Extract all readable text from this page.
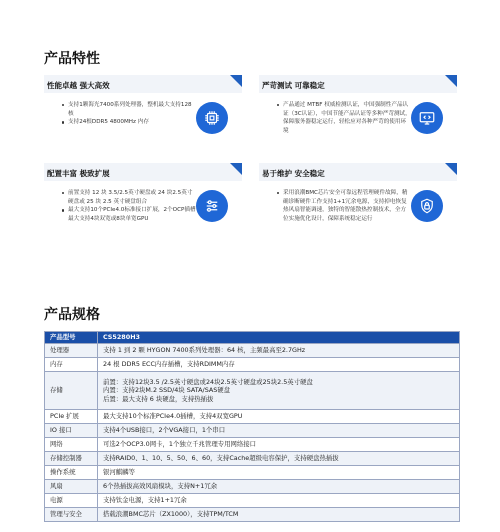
产品特性
性能卓越 强大高效
支持1颗海光7400系列处理器，整机最大支持128核
支持24根DDR5 4800MHz 内存
严苛测试 可靠稳定
产品通过 MTBF 权威检测认证，中国强制性产品认证（3C认证），中国节能产品认证等多种严苛测试，保障服务器稳定运行，轻松应对各种严苛的使用环境
配置丰富 极致扩展
前置支持 12 块 3.5/2.5英寸硬盘或 24 块2.5英寸硬盘或 25 块 2.5 英寸硬盘组合
最大支持10个PCIe4.0标准接口扩展，2个OCP插槽最大支持4块双宽或8块单宽GPU
易于维护 安全稳定
采用浪潮BMC芯片安全可靠远程管理硬件故障，精确诊断硬件工作支持1+1冗余电源，支持掉电恢复热风扇智能调速，独特的智能散热控制技术，全方位实施优化设计，保障系统稳定运行
产品规格
产品型号	CS5280H3
处理器	支持 1 到 2 颗 HYGON 7400系列处理器：64 核，主频最高至2.7GHz
内存	24 根 DDR5 ECC内存插槽，支持RDIMM内存
存储	前置：支持12块3.5 /2.5英寸硬盘或24块2.5英寸硬盘或25块2.5英寸硬盘
内置：支持2块M.2 SSD/4块 SATA/SAS硬盘
后置：最大支持 6 块硬盘，支持热插拔

PCIe 扩展	最大支持10个标准PCIe4.0插槽，支持4双宽GPU
IO 接口	支持4个USB接口，2个VGA接口，1个串口
网络	可选2个OCP3.0网卡，1个独立千兆管理专用网络接口
存储控制器	支持RAID0、1、10、5、50、6、60，支持Cache超级电容保护，支持硬盘热插拔
操作系统	银河麒麟等
风扇	6个热插拔高效风扇模块，支持N+1冗余
电源	支持钛金电源，支持1+1冗余
管理与安全	搭载浪潮BMC芯片（ZX1000），支持TPM/TCM
